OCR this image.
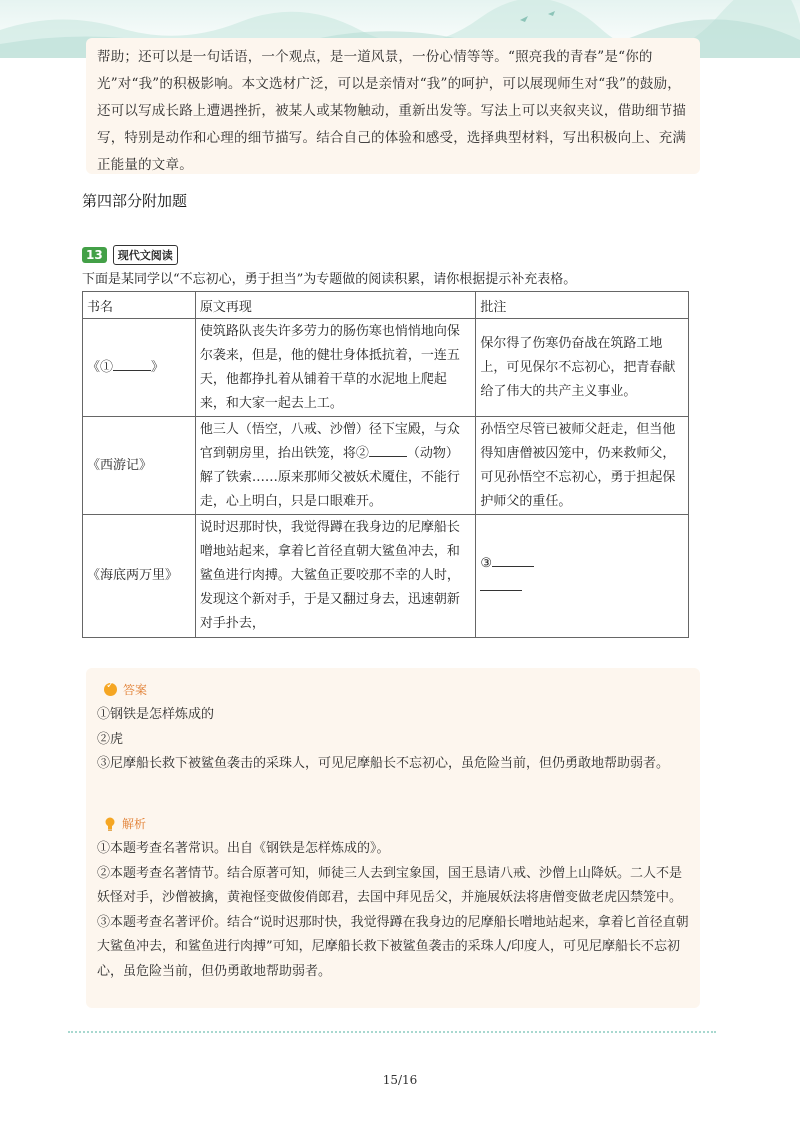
帮助；还可以是一句话语，一个观点，是一道风景，一份心情等等。“照亮我的青春”是“你的光”对“我”的积极影响。本文选材广泛，可以是亲情对“我”的呵护，可以展现师生对“我”的鼓励，还可以写成长路上遭遇挫折，被某人或某物触动，重新出发等。写法上可以夹叙夹议，借助细节描写，特别是动作和心理的细节描写。结合自己的体验和感受，选择典型材料，写出积极向上、充满正能量的文章。
第四部分附加题
13	现代文阅读
下面是某同学以“不忘初心，勇于担当”为专题做的阅读积累，请你根据提示补充表格。
书名	原文再现	批注
《① 》	使筑路队丧失许多劳力的肠伤寒也悄悄地向保尔袭来，但是，他的健壮身体抵抗着，一连五天，他都挣扎着从铺着干草的水泥地上爬起来，和大家一起去上工。	保尔得了伤寒仍奋战在筑路工地上，可见保尔不忘初心，把青春献给了伟大的共产主义事业。
《西游记》	他三人（悟空，八戒、沙僧）径下宝殿，与众官到朝房里，抬出铁笼，将② （动物）解了铁索……原来那师父被妖术魇住，不能行走，心上明白，只是口眼难开。	孙悟空尽管已被师父赶走，但当他得知唐僧被囚笼中，仍来救师父，可见孙悟空不忘初心，勇于担起保护师父的重任。
《海底两万里》	说时迟那时快，我觉得蹲在我身边的尼摩船长噌地站起来，拿着匕首径直朝大鲨鱼冲去，和鲨鱼进行肉搏。大鲨鱼正要咬那不幸的人时，发现这个新对手，于是又翻过身去，迅速朝新对手扑去，	③
✓
答案
①钢铁是怎样炼成的
②虎
③尼摩船长救下被鲨鱼袭击的采珠人，可见尼摩船长不忘初心，虽危险当前，但仍勇敢地帮助弱者。
解析
①本题考查名著常识。出自《钢铁是怎样炼成的》。
②本题考查名著情节。结合原著可知，师徒三人去到宝象国，国王恳请八戒、沙僧上山降妖。二人不是妖怪对手，沙僧被擒，黄袍怪变做俊俏郎君，去国中拜见岳父，并施展妖法将唐僧变做老虎囚禁笼中。
③本题考查名著评价。结合“说时迟那时快，我觉得蹲在我身边的尼摩船长噌地站起来，拿着匕首径直朝大鲨鱼冲去，和鲨鱼进行肉搏”可知，尼摩船长救下被鲨鱼袭击的采珠人/印度人，可见尼摩船长不忘初心，虽危险当前，但仍勇敢地帮助弱者。
15/16
